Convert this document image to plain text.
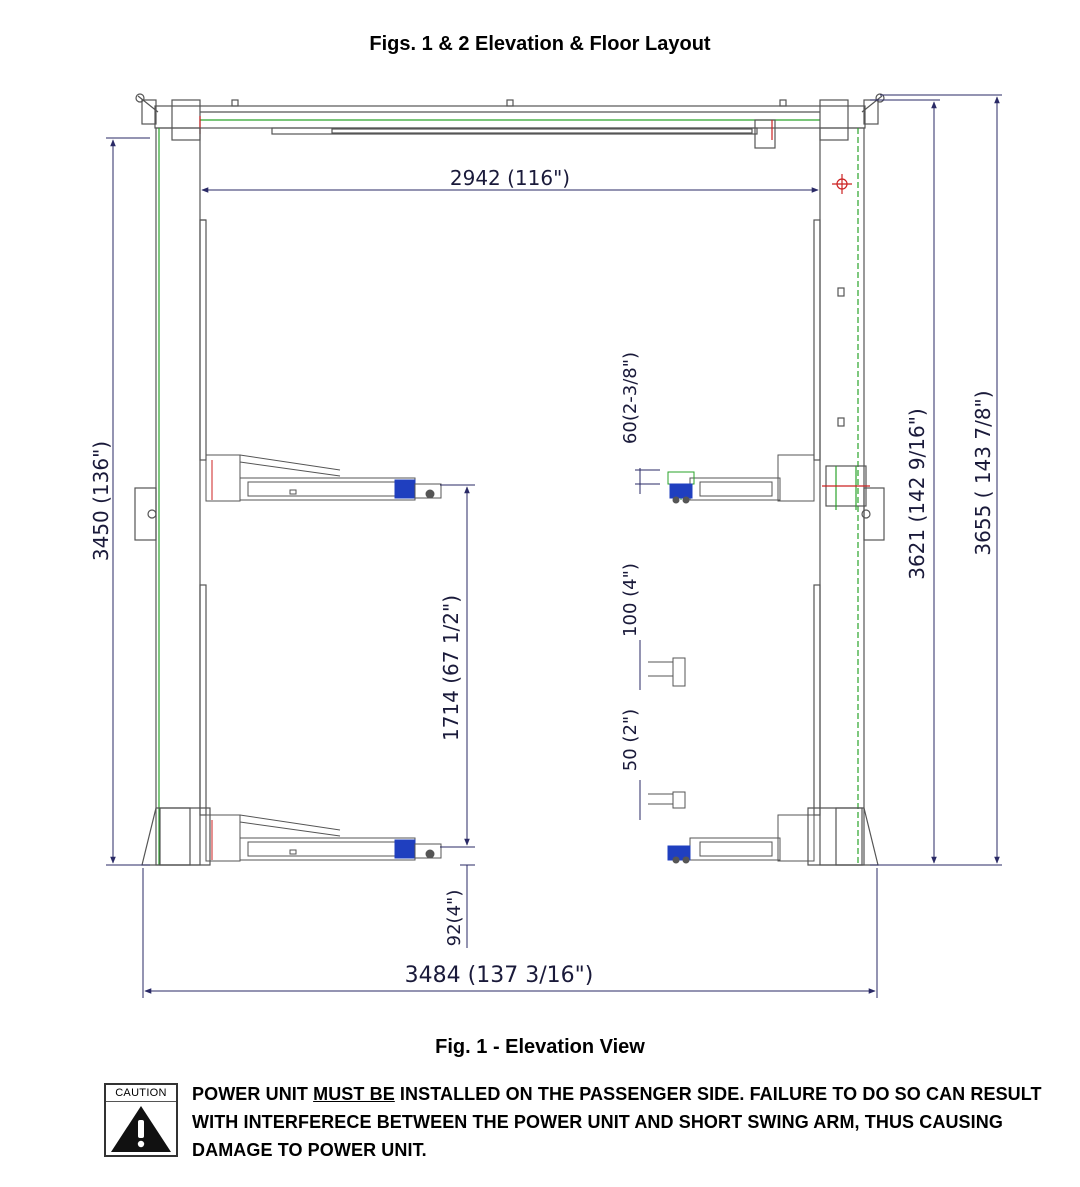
Figs. 1 & 2 Elevation & Floor Layout
2942 (116")
3450 (136")
1714 (67 1/2")
92(4")
3484 (137 3/16")
60(2-3/8")
100 (4")
50 (2")
3621 (142 9/16") 3655 ( 143 7/8")
Fig. 1 - Elevation View
CAUTION	POWER UNIT MUST BE INSTALLED ON THE PASSENGER SIDE. FAILURE TO DO SO CAN RESULT WITH INTERFERECE BETWEEN THE POWER UNIT AND SHORT SWING ARM, THUS CAUSING DAMAGE TO POWER UNIT.
